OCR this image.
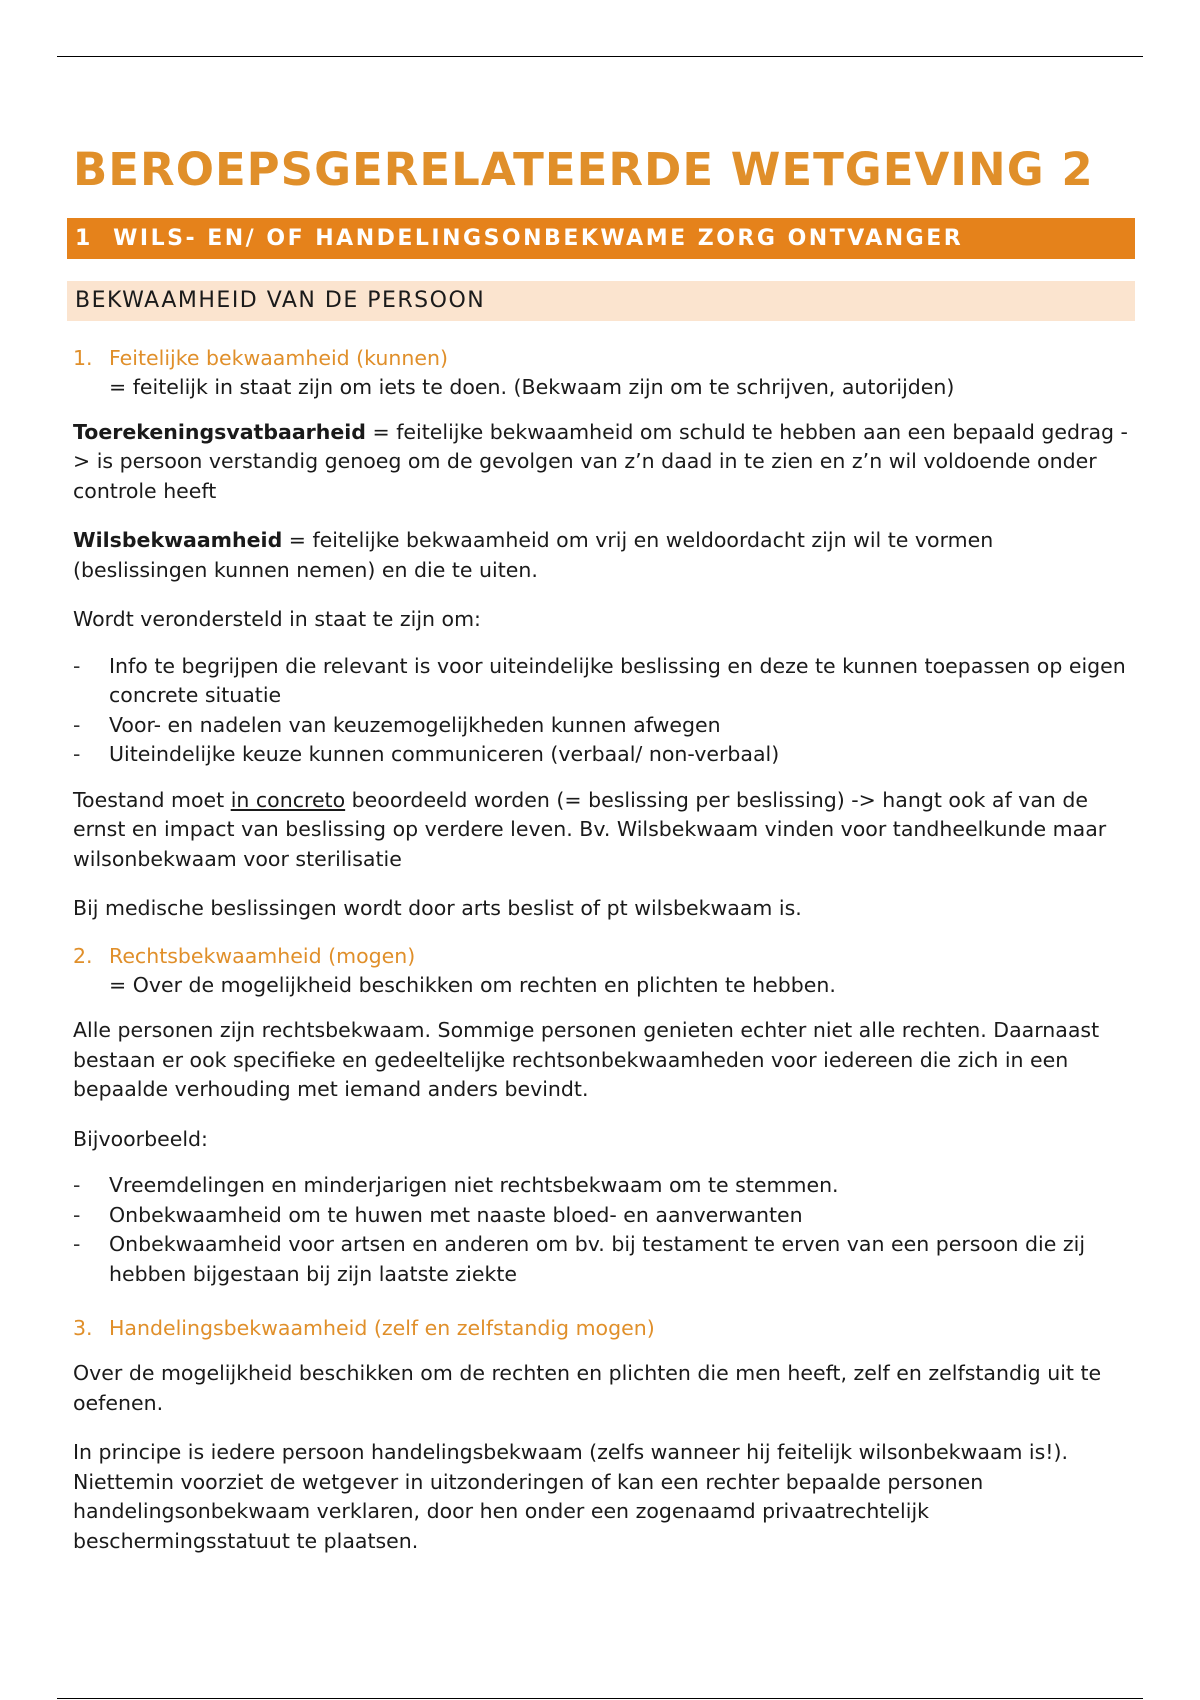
BEROEPSGERELATEERDE WETGEVING 2
1 WILS- EN/ OF HANDELINGSONBEKWAME ZORG ONTVANGER
BEKWAAMHEID VAN DE PERSOON
1. Feitelijke bekwaamheid (kunnen)

= feitelijk in staat zijn om iets te doen. (Bekwaam zijn om te schrijven, autorijden)

Toerekeningsvatbaarheid = feitelijke bekwaamheid om schuld te hebben aan een bepaald gedrag -> is persoon verstandig genoeg om de gevolgen van z’n daad in te zien en z’n wil voldoende onder controle heeft

Wilsbekwaamheid = feitelijke bekwaamheid om vrij en weldoordacht zijn wil te vormen (beslissingen kunnen nemen) en die te uiten.

Wordt verondersteld in staat te zijn om:

-	Info te begrijpen die relevant is voor uiteindelijke beslissing en deze te kunnen toepassen op eigen concrete situatie
-	Voor- en nadelen van keuzemogelijkheden kunnen afwegen
-	Uiteindelijke keuze kunnen communiceren (verbaal/ non-verbaal)

Toestand moet in concreto beoordeeld worden (= beslissing per beslissing) -> hangt ook af van de ernst en impact van beslissing op verdere leven. Bv. Wilsbekwaam vinden voor tandheelkunde maar wilsonbekwaam voor sterilisatie

Bij medische beslissingen wordt door arts beslist of pt wilsbekwaam is.

2. Rechtsbekwaamheid (mogen)

= Over de mogelijkheid beschikken om rechten en plichten te hebben.

Alle personen zijn rechtsbekwaam. Sommige personen genieten echter niet alle rechten. Daarnaast bestaan er ook specifieke en gedeeltelijke rechtsonbekwaamheden voor iedereen die zich in een bepaalde verhouding met iemand anders bevindt.

Bijvoorbeeld:

-	Vreemdelingen en minderjarigen niet rechtsbekwaam om te stemmen.
-	Onbekwaamheid om te huwen met naaste bloed- en aanverwanten
-	Onbekwaamheid voor artsen en anderen om bv. bij testament te erven van een persoon die zij hebben bijgestaan bij zijn laatste ziekte
3. Handelingsbekwaamheid (zelf en zelfstandig mogen)

Over de mogelijkheid beschikken om de rechten en plichten die men heeft, zelf en zelfstandig uit te oefenen.

In principe is iedere persoon handelingsbekwaam (zelfs wanneer hij feitelijk wilsonbekwaam is!). Niettemin voorziet de wetgever in uitzonderingen of kan een rechter bepaalde personen handelingsonbekwaam verklaren, door hen onder een zogenaamd privaatrechtelijk beschermingsstatuut te plaatsen.
